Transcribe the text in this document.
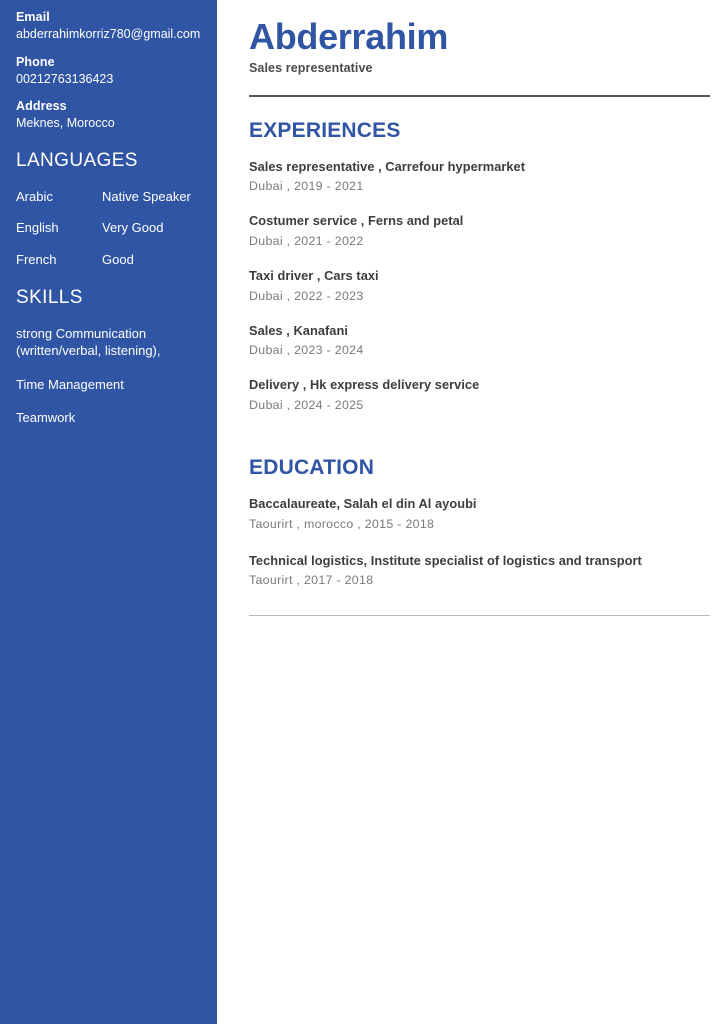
Email
abderrahimkorriz780@gmail.com
Phone
00212763136423
Address
Meknes, Morocco
LANGUAGES
Arabic	Native Speaker
English	Very Good
French	Good
SKILLS
strong Communication (written/verbal, listening),
Time Management
Teamwork
Abderrahim
Sales representative
EXPERIENCES
Sales representative , Carrefour hypermarket
Dubai , 2019 - 2021
Costumer service , Ferns and petal
Dubai , 2021 - 2022
Taxi driver , Cars taxi
Dubai , 2022 - 2023
Sales , Kanafani
Dubai , 2023 - 2024
Delivery , Hk express delivery service
Dubai , 2024 - 2025
EDUCATION
Baccalaureate, Salah el din Al ayoubi
Taourirt , morocco , 2015 - 2018
Technical logistics, Institute specialist of logistics and transport
Taourirt , 2017 - 2018
